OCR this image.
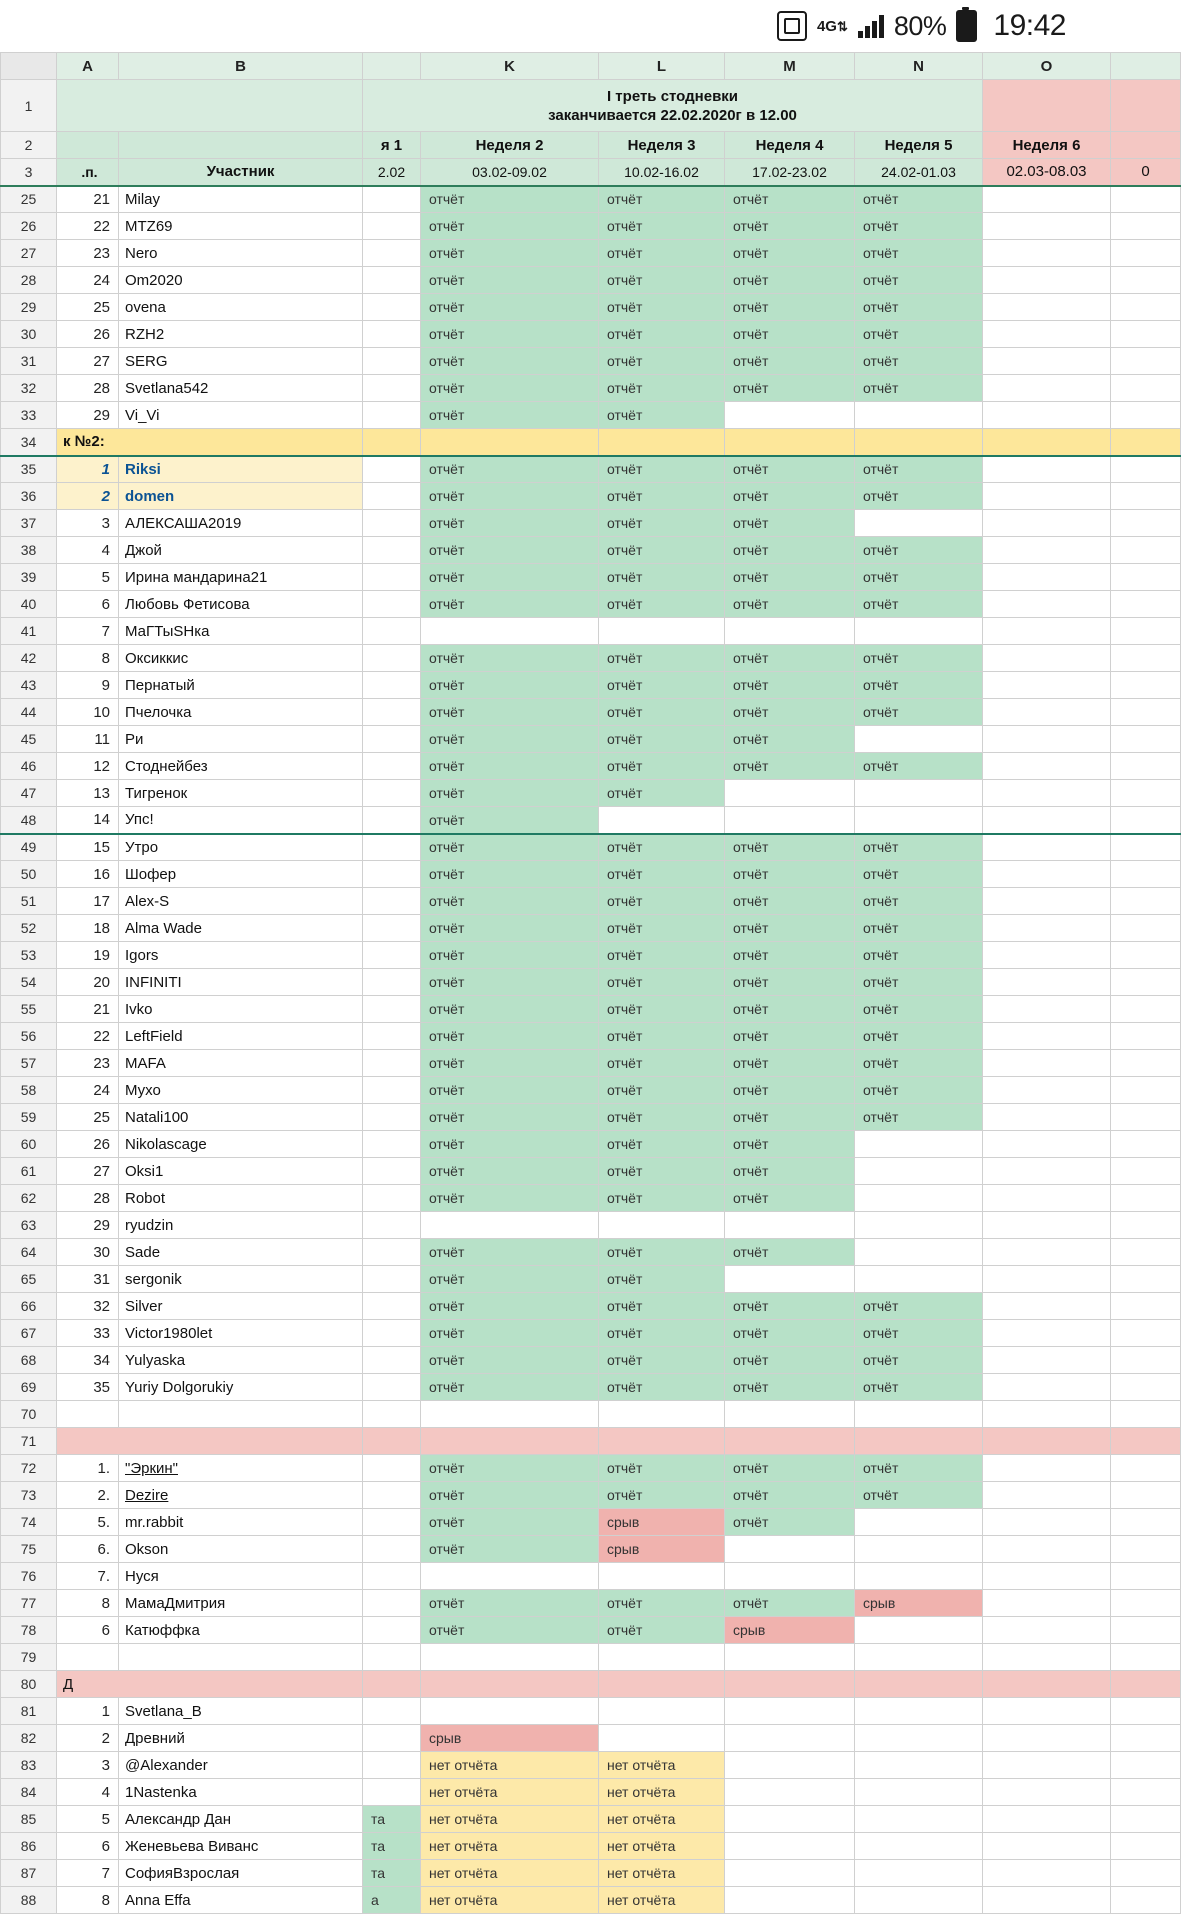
4G⇅ 80% 19:42
	A	B		K	L	M	N	O	
1			I треть стодневки
заканчивается 22.02.2020г в 12.00						

2			я 1	Неделя 2	Неделя 3	Неделя 4	Неделя 5	Неделя 6	
3	.п.	Участник	2.02	03.02-09.02	10.02-16.02	17.02-23.02	24.02-01.03	02.03-08.03	0
25	21	Milay		отчёт	отчёт	отчёт	отчёт		
26	22	MTZ69		отчёт	отчёт	отчёт	отчёт		
27	23	Nero		отчёт	отчёт	отчёт	отчёт		
28	24	Om2020		отчёт	отчёт	отчёт	отчёт		
29	25	ovena		отчёт	отчёт	отчёт	отчёт		
30	26	RZH2		отчёт	отчёт	отчёт	отчёт		
31	27	SERG		отчёт	отчёт	отчёт	отчёт		
32	28	Svetlana542		отчёт	отчёт	отчёт	отчёт		
33	29	Vi_Vi		отчёт	отчёт				
34	к №2:								
35	1	Riksi		отчёт	отчёт	отчёт	отчёт		
36	2	domen		отчёт	отчёт	отчёт	отчёт		
37	3	АЛЕКСАША2019		отчёт	отчёт	отчёт			
38	4	Джой		отчёт	отчёт	отчёт	отчёт		
39	5	Ирина мандарина21		отчёт	отчёт	отчёт	отчёт		
40	6	Любовь Фетисова		отчёт	отчёт	отчёт	отчёт		
41	7	МаГТыSHка							
42	8	Оксиккис		отчёт	отчёт	отчёт	отчёт		
43	9	Пернатый		отчёт	отчёт	отчёт	отчёт		
44	10	Пчелочка		отчёт	отчёт	отчёт	отчёт		
45	11	Ри		отчёт	отчёт	отчёт			
46	12	Стоднейбез		отчёт	отчёт	отчёт	отчёт		
47	13	Тигренок		отчёт	отчёт				
48	14	Упс!		отчёт					
49	15	Утро		отчёт	отчёт	отчёт	отчёт		
50	16	Шофер		отчёт	отчёт	отчёт	отчёт		
51	17	Alex-S		отчёт	отчёт	отчёт	отчёт		
52	18	Alma Wade		отчёт	отчёт	отчёт	отчёт		
53	19	Igors		отчёт	отчёт	отчёт	отчёт		
54	20	INFINITI		отчёт	отчёт	отчёт	отчёт		
55	21	Ivko		отчёт	отчёт	отчёт	отчёт		
56	22	LeftField		отчёт	отчёт	отчёт	отчёт		
57	23	MAFA		отчёт	отчёт	отчёт	отчёт		
58	24	Мухо		отчёт	отчёт	отчёт	отчёт		
59	25	Natali100		отчёт	отчёт	отчёт	отчёт		
60	26	Nikolascage		отчёт	отчёт	отчёт			
61	27	Oksi1		отчёт	отчёт	отчёт			
62	28	Robot		отчёт	отчёт	отчёт			
63	29	ryudzin							
64	30	Sade		отчёт	отчёт	отчёт			
65	31	sergonik		отчёт	отчёт				
66	32	Silver		отчёт	отчёт	отчёт	отчёт		
67	33	Victor1980let		отчёт	отчёт	отчёт	отчёт		
68	34	Yulyaska		отчёт	отчёт	отчёт	отчёт		
69	35	Yuriy Dolgorukiy		отчёт	отчёт	отчёт	отчёт		
70									
71									
72	1.	"Эркин"		отчёт	отчёт	отчёт	отчёт		
73	2.	Dezire		отчёт	отчёт	отчёт	отчёт		
74	5.	mr.rabbit		отчёт	срыв	отчёт			
75	6.	Okson		отчёт	срыв				
76	7.	Нуся							
77	8	МамаДмитрия		отчёт	отчёт	отчёт	срыв		
78	6	Катюффка		отчёт	отчёт	срыв			
79									
80	Д								
81	1	Svetlana_B							
82	2	Древний		срыв					
83	3	@Alexander		нет отчёта	нет отчёта				
84	4	1Nastenka		нет отчёта	нет отчёта				
85	5	Александр Дан	та	нет отчёта	нет отчёта				
86	6	Женевьева Виванс	та	нет отчёта	нет отчёта				
87	7	СофияВзрослая	та	нет отчёта	нет отчёта				
88	8	Anna Effa	а	нет отчёта	нет отчёта				
